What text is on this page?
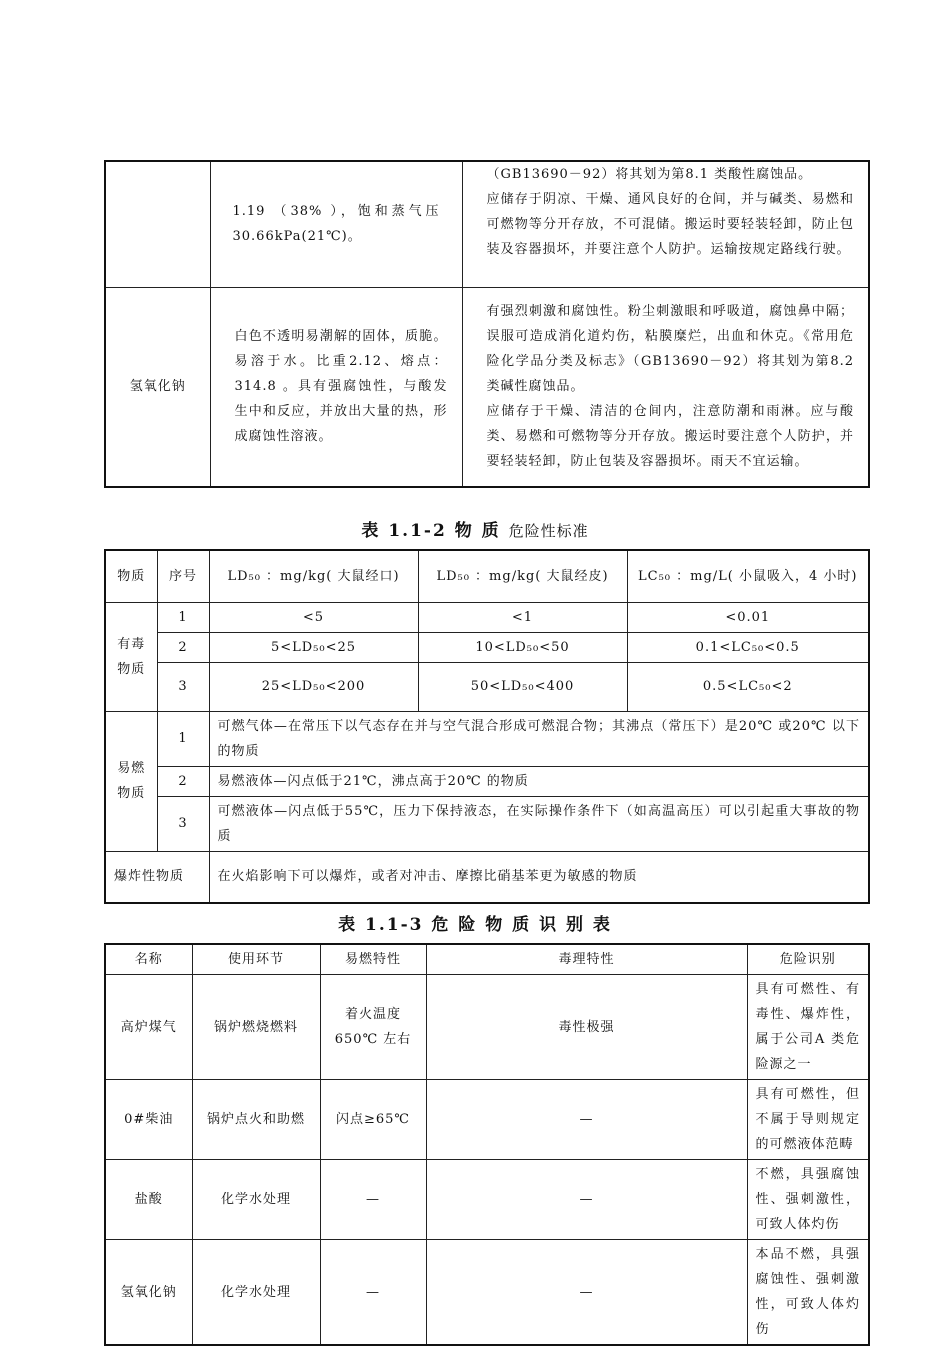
	1.19 （38% ），饱和蒸气压30.66kPa(21℃)。	（GB13690－92）将其划为第8.1 类酸性腐蚀品。
应储存于阴凉、干燥、通风良好的仓间，并与碱类、易燃和可燃物等分开存放，不可混储。搬运时要轻装轻卸，防止包装及容器损坏，并要注意个人防护。运输按规定路线行驶。

氢氧化钠	白色不透明易潮解的固体，质脆。易溶于水。比重2.12、熔点：314.8 。具有强腐蚀性，与酸发生中和反应，并放出大量的热，形成腐蚀性溶液。	有强烈刺激和腐蚀性。粉尘刺激眼和呼吸道，腐蚀鼻中隔；误服可造成消化道灼伤，粘膜糜烂，出血和休克。《常用危险化学品分类及标志》（GB13690－92）将其划为第8.2 类碱性腐蚀品。
应储存于干燥、清洁的仓间内，注意防潮和雨淋。应与酸类、易燃和可燃物等分开存放。搬运时要注意个人防护，并要轻装轻卸，防止包装及容器损坏。雨天不宜运输。
表 1.1-2 物 质 危险性标准
物质	序号	LD₅₀ ：mg/kg( 大鼠经口)	LD₅₀ ：mg/kg( 大鼠经皮)	LC₅₀ ：mg/L( 小鼠吸入，4 小时)
有毒物质	1	<5	<1	<0.01
	2	5<LD₅₀<25	10<LD₅₀<50	0.1<LC₅₀<0.5
	3	25<LD₅₀<200	50<LD₅₀<400	0.5<LC₅₀<2
易燃物质	1	可燃气体—在常压下以气态存在并与空气混合形成可燃混合物；其沸点（常压下）是20℃ 或20℃ 以下的物质		
	2	易燃液体—闪点低于21℃，沸点高于20℃ 的物质		
	3	可燃液体—闪点低于55℃，压力下保持液态，在实际操作条件下（如高温高压）可以引起重大事故的物质		
爆炸性物质		在火焰影响下可以爆炸，或者对冲击、摩擦比硝基苯更为敏感的物质		
表 1.1-3 危 险 物 质 识 别 表
名称	使用环节	易燃特性	毒理特性	危险识别
高炉煤气	锅炉燃烧燃料	着火温度650℃ 左右	毒性极强	具有可燃性、有毒性、爆炸性，属于公司A 类危险源之一
0#柴油	锅炉点火和助燃	闪点≥65℃	—	具有可燃性，但不属于导则规定的可燃液体范畴
盐酸	化学水处理	—	—	不燃，具强腐蚀性、强刺激性，可致人体灼伤
氢氧化钠	化学水处理	—	—	本品不燃，具强腐蚀性、强刺激性，可致人体灼伤
